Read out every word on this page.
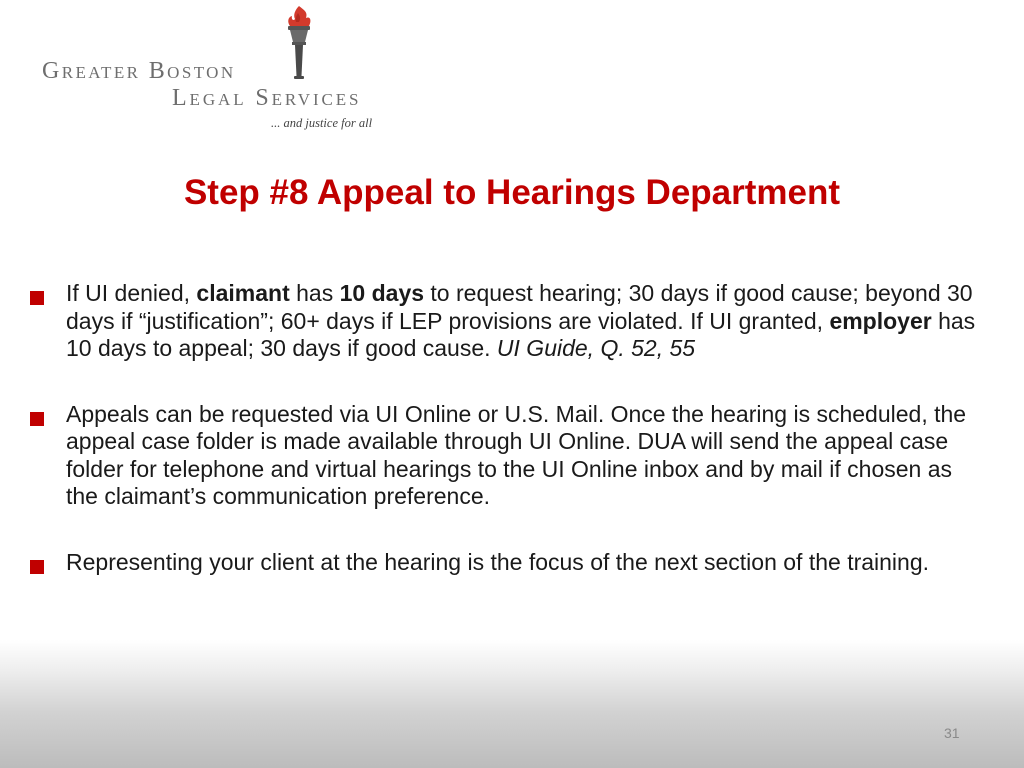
Greater Boston
Legal Services
... and justice for all
Step #8 Appeal to Hearings Department
If UI denied, claimant has 10 days to request hearing; 30 days if good cause; beyond 30 days if “justification”; 60+ days if LEP provisions are violated. If UI granted, employer has 10 days to appeal; 30 days if good cause. UI Guide, Q. 52, 55
Appeals can be requested via UI Online or U.S. Mail. Once the hearing is scheduled, the appeal case folder is made available through UI Online. DUA will send the appeal case folder for telephone and virtual hearings to the UI Online inbox and by mail if chosen as the claimant’s communication preference.
Representing your client at the hearing is the focus of the next section of the training.
31
